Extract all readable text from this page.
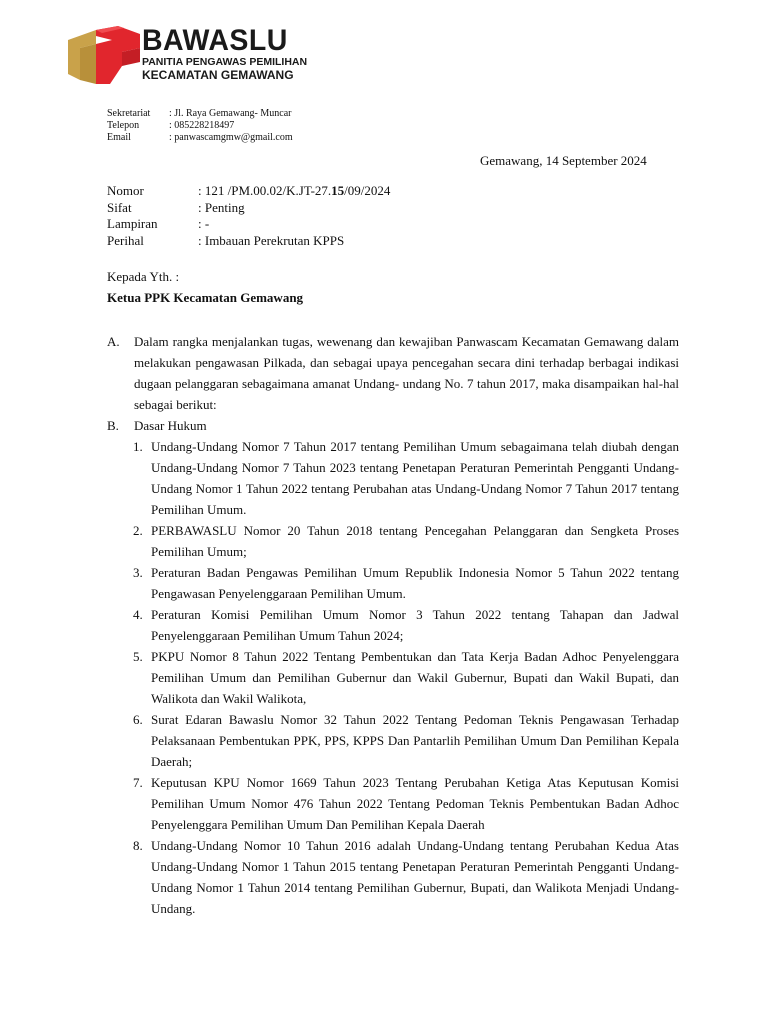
BAWASLU
PANITIA PENGAWAS PEMILIHAN
KECAMATAN GEMAWANG
Sekretariat	: Jl. Raya Gemawang- Muncar
Telepon	: 085228218497
Email	: panwascamgmw@gmail.com
Gemawang, 14 September 2024
Nomor	: 121 /PM.00.02/K.JT-27.15/09/2024
Sifat	: Penting
Lampiran	: -
Perihal	: Imbauan Perekrutan KPPS
Kepada Yth. :
Ketua PPK Kecamatan Gemawang
A.	Dalam rangka menjalankan tugas, wewenang dan kewajiban Panwascam Kecamatan Gemawang dalam melakukan pengawasan Pilkada, dan sebagai upaya pencegahan secara dini terhadap berbagai indikasi dugaan pelanggaran sebagaimana amanat Undang- undang No. 7 tahun 2017, maka disampaikan hal-hal sebagai berikut:
B.	Dasar Hukum
1. Undang-Undang Nomor 7 Tahun 2017 tentang Pemilihan Umum sebagaimana telah diubah dengan Undang-Undang Nomor 7 Tahun 2023 tentang Penetapan Peraturan Pemerintah Pengganti Undang-Undang Nomor 1 Tahun 2022 tentang Perubahan atas Undang-Undang Nomor 7 Tahun 2017 tentang Pemilihan Umum.
2. PERBAWASLU Nomor 20 Tahun 2018 tentang Pencegahan Pelanggaran dan Sengketa Proses Pemilihan Umum;
3. Peraturan Badan Pengawas Pemilihan Umum Republik Indonesia Nomor 5 Tahun 2022 tentang Pengawasan Penyelenggaraan Pemilihan Umum.
4. Peraturan Komisi Pemilihan Umum Nomor 3 Tahun 2022 tentang Tahapan dan Jadwal Penyelenggaraan Pemilihan Umum Tahun 2024;
5. PKPU Nomor 8 Tahun 2022 Tentang Pembentukan dan Tata Kerja Badan Adhoc Penyelenggara Pemilihan Umum dan Pemilihan Gubernur dan Wakil Gubernur, Bupati dan Wakil Bupati, dan Walikota dan Wakil Walikota,
6. Surat Edaran Bawaslu Nomor 32 Tahun 2022 Tentang Pedoman Teknis Pengawasan Terhadap Pelaksanaan Pembentukan PPK, PPS, KPPS Dan Pantarlih Pemilihan Umum Dan Pemilihan Kepala Daerah;
7. Keputusan KPU Nomor 1669 Tahun 2023 Tentang Perubahan Ketiga Atas Keputusan Komisi Pemilihan Umum Nomor 476 Tahun 2022 Tentang Pedoman Teknis Pembentukan Badan Adhoc Penyelenggara Pemilihan Umum Dan Pemilihan Kepala Daerah
8. Undang-Undang Nomor 10 Tahun 2016 adalah Undang-Undang tentang Perubahan Kedua Atas Undang-Undang Nomor 1 Tahun 2015 tentang Penetapan Peraturan Pemerintah Pengganti Undang-Undang Nomor 1 Tahun 2014 tentang Pemilihan Gubernur, Bupati, dan Walikota Menjadi Undang-Undang.
